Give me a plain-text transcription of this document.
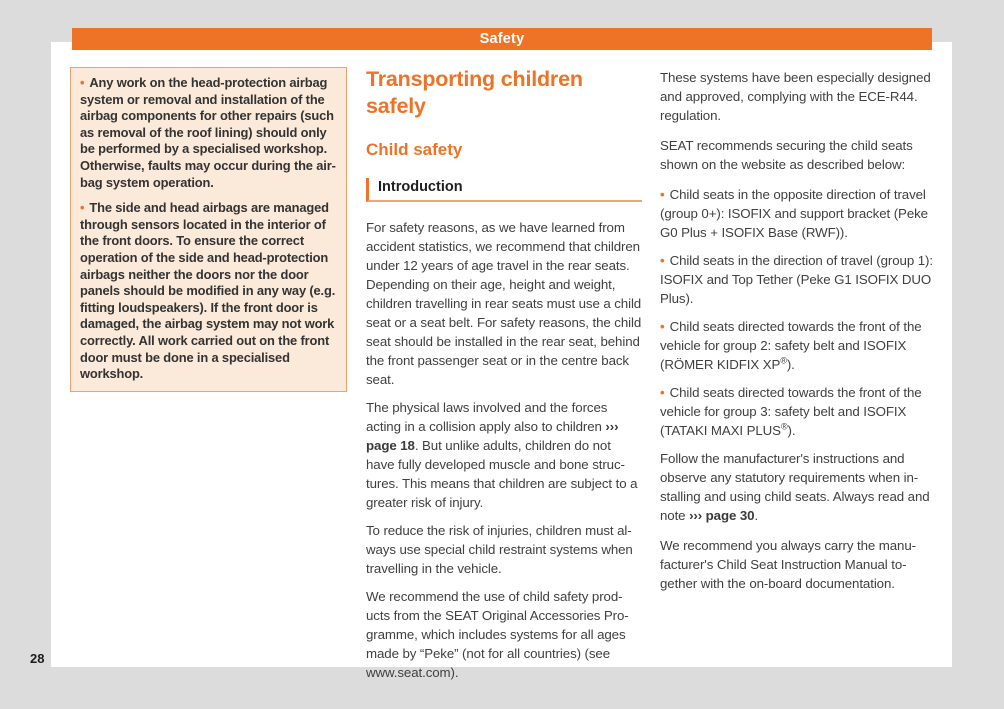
Safety

• Any work on the head-protection airbag system or removal and installation of the airbag components for other repairs (such as removal of the roof lining) should only be performed by a specialised workshop. Otherwise, faults may occur during the airbag system operation.

• The side and head airbags are managed through sensors located in the interior of the front doors. To ensure the correct operation of the side and head-protection airbags neither the doors nor the door panels should be modified in any way (e.g. fitting loudspeakers). If the front door is damaged, the airbag system may not work correctly. All work carried out on the front door must be done in a specialised workshop.

Transporting children safely
Child safety
Introduction

For safety reasons, as we have learned from accident statistics, we recommend that children under 12 years of age travel in the rear seats. Depending on their age, height and weight, children travelling in rear seats must use a child seat or a seat belt. For safety reasons, the child seat should be installed in the rear seat, behind the front passenger seat or in the centre back seat.

The physical laws involved and the forces acting in a collision apply also to children ››› page 18. But unlike adults, children do not have fully developed muscle and bone structures. This means that children are subject to a greater risk of injury.

To reduce the risk of injuries, children must always use special child restraint systems when travelling in the vehicle.

We recommend the use of child safety products from the SEAT Original Accessories Programme, which includes systems for all ages made by “Peke” (not for all countries) (see www.seat.com).

These systems have been especially designed and approved, complying with the ECE-R44. regulation.

SEAT recommends securing the child seats shown on the website as described below:

• Child seats in the opposite direction of travel (group 0+): ISOFIX and support bracket (Peke G0 Plus + ISOFIX Base (RWF)).

• Child seats in the direction of travel (group 1): ISOFIX and Top Tether (Peke G1 ISOFIX DUO Plus).

• Child seats directed towards the front of the vehicle for group 2: safety belt and ISOFIX (RÖMER KIDFIX XP®).

• Child seats directed towards the front of the vehicle for group 3: safety belt and ISOFIX (TATAKI MAXI PLUS®).

Follow the manufacturer's instructions and observe any statutory requirements when installing and using child seats. Always read and note ››› page 30.

We recommend you always carry the manufacturer's Child Seat Instruction Manual together with the on-board documentation.

28
